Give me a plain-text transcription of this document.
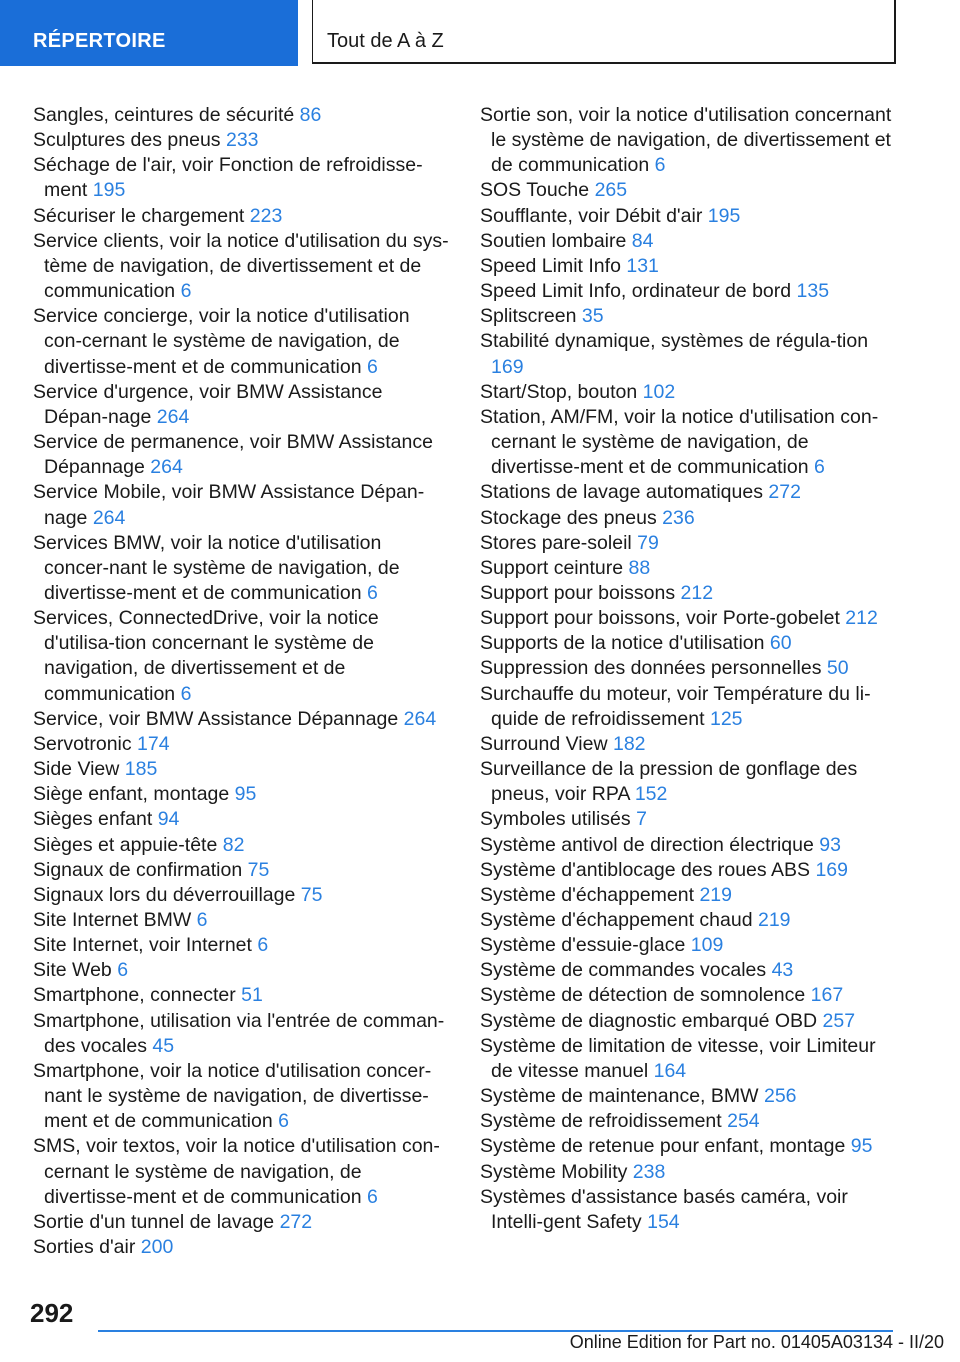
RÉPERTOIRE	Tout de A à Z

Sangles, ceintures de sécurité 86

Sculptures des pneus 233

Séchage de l'air, voir Fonction de refroidisse-ment 195

Sécuriser le chargement 223

Service clients, voir la notice d'utilisation du sys-tème de navigation, de divertissement et de communication 6

Service concierge, voir la notice d'utilisation con-cernant le système de navigation, de divertisse-ment et de communication 6

Service d'urgence, voir BMW Assistance Dépan-nage 264

Service de permanence, voir BMW Assistance Dépannage 264

Service Mobile, voir BMW Assistance Dépan-nage 264

Services BMW, voir la notice d'utilisation concer-nant le système de navigation, de divertisse-ment et de communication 6

Services, ConnectedDrive, voir la notice d'utilisa-tion concernant le système de navigation, de divertissement et de communication 6

Service, voir BMW Assistance Dépannage 264

Servotronic 174

Side View 185

Siège enfant, montage 95

Sièges enfant 94

Sièges et appuie-tête 82

Signaux de confirmation 75

Signaux lors du déverrouillage 75

Site Internet BMW 6

Site Internet, voir Internet 6

Site Web 6

Smartphone, connecter 51

Smartphone, utilisation via l'entrée de comman-des vocales 45

Smartphone, voir la notice d'utilisation concer-nant le système de navigation, de divertisse-ment et de communication 6

SMS, voir textos, voir la notice d'utilisation con-cernant le système de navigation, de divertisse-ment et de communication 6

Sortie d'un tunnel de lavage 272

Sorties d'air 200

Sortie son, voir la notice d'utilisation concernant le système de navigation, de divertissement et de communication 6

SOS Touche 265

Soufflante, voir Débit d'air 195

Soutien lombaire 84

Speed Limit Info 131

Speed Limit Info, ordinateur de bord 135

Splitscreen 35

Stabilité dynamique, systèmes de régula-tion 169

Start/Stop, bouton 102

Station, AM/FM, voir la notice d'utilisation con-cernant le système de navigation, de divertisse-ment et de communication 6

Stations de lavage automatiques 272

Stockage des pneus 236

Stores pare-soleil 79

Support ceinture 88

Support pour boissons 212

Support pour boissons, voir Porte-gobelet 212

Supports de la notice d'utilisation 60

Suppression des données personnelles 50

Surchauffe du moteur, voir Température du li-quide de refroidissement 125

Surround View 182

Surveillance de la pression de gonflage des pneus, voir RPA 152

Symboles utilisés 7

Système antivol de direction électrique 93

Système d'antiblocage des roues ABS 169

Système d'échappement 219

Système d'échappement chaud 219

Système d'essuie-glace 109

Système de commandes vocales 43

Système de détection de somnolence 167

Système de diagnostic embarqué OBD 257

Système de limitation de vitesse, voir Limiteur de vitesse manuel 164

Système de maintenance, BMW 256

Système de refroidissement 254

Système de retenue pour enfant, montage 95

Système Mobility 238

Systèmes d'assistance basés caméra, voir Intelli-gent Safety 154

292
Online Edition for Part no. 01405A03134 - II/20
